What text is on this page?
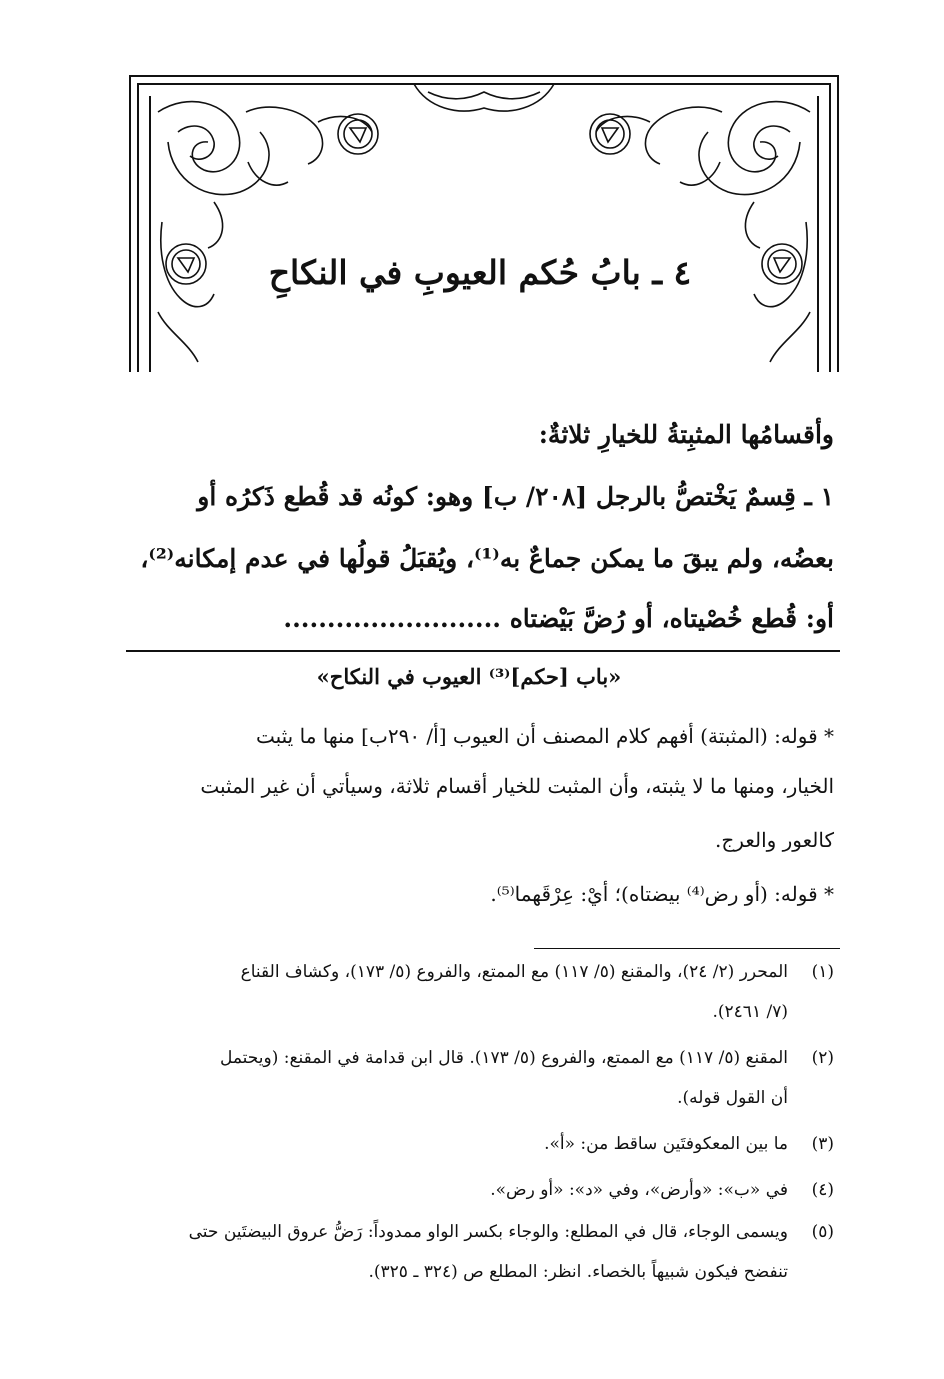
٤ ـ بابُ حُكم العيوبِ في النكاحِ
وأقسامُها المثبِتةُ للخيارِ ثلاثةٌ:
١ ـ قِسمٌ يَخْتصُّ بالرجل [٢٠٨/ ب] وهو: كونُه قد قُطع ذَكرُه أو
بعضُه، ولم يبقَ ما يمكن جماعٌ به⁽¹⁾، ويُقبَلُ قولُها في عدم إمكانه⁽²⁾،
أو: قُطع خُصْيتاه، أو رُضَّ بَيْضتاه .........................
«باب [حكم]⁽³⁾ العيوب في النكاح»
* قوله: (المثبتة) أفهم كلام المصنف أن العيوب [أ/ ٢٩٠ب] منها ما يثبت
الخيار، ومنها ما لا يثبته، وأن المثبت للخيار أقسام ثلاثة، وسيأتي أن غير المثبت
كالعور والعرج.
* قوله: (أو رض⁽⁴⁾ بيضتاه)؛ أيْ: عِرْقَهما⁽⁵⁾.
(١)
المحرر (٢/ ٢٤)، والمقنع (٥/ ١١٧) مع الممتع، والفروع (٥/ ١٧٣)، وكشاف القناع
(٧/ ٢٤٦١).
(٢)
المقنع (٥/ ١١٧) مع الممتع، والفروع (٥/ ١٧٣). قال ابن قدامة في المقنع: (ويحتمل
أن القول قوله).
(٣)
ما بين المعكوفتَين ساقط من: «أ».
(٤)
في «ب»: «وأرض»، وفي «د»: «أو رض».
(٥)
ويسمى الوجاء، قال في المطلع: والوجاء بكسر الواو ممدوداً: رَضُّ عروق البيضتَين حتى
تنفضح فيكون شبيهاً بالخصاء. انظر: المطلع ص (٣٢٤ ـ ٣٢٥).
